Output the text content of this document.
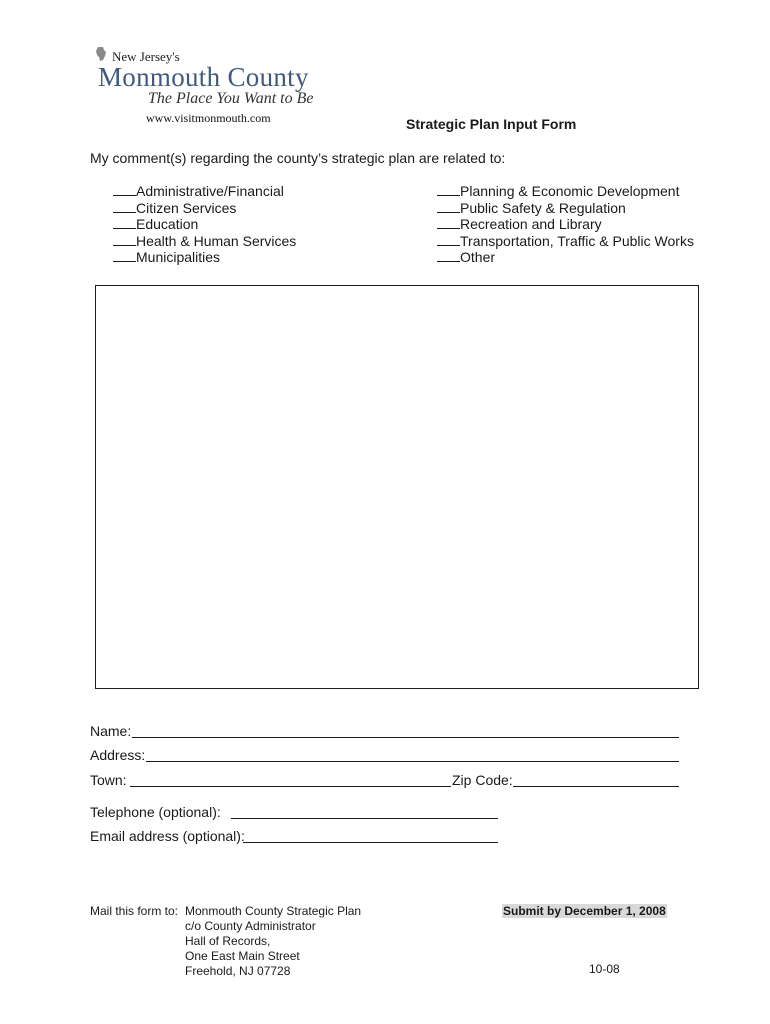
New Jersey's
Monmouth County
The Place You Want to Be
www.visitmonmouth.com	Strategic Plan Input Form
My comment(s) regarding the county’s strategic plan are related to:
Administrative/Financial
Citizen Services
Education
Health & Human Services
Municipalities
Planning & Economic Development
Public Safety & Regulation
Recreation and Library
Transportation, Traffic & Public Works
Other
Name:
Address:
Town:	Zip Code:
Telephone (optional):
Email address (optional):
Mail this form to: Monmouth County Strategic Plan
c/o County Administrator
Hall of Records,
One East Main Street
Freehold, NJ 07728
Submit by December 1, 2008
10-08
